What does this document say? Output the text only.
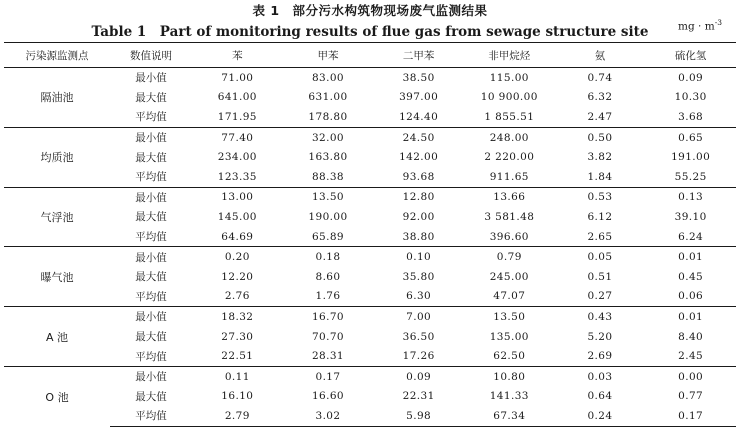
表 1　部分污水构筑物现场废气监测结果
Table 1　Part of monitoring results of flue gas from sewage structure site	mg · $m^{-3}$
污染源监测点	数值说明	苯	甲苯	二甲苯	非甲烷烃	氨	硫化氢
隔油池	最小值	71.00	83.00	38.50	115.00	0.74	0.09
	最大值	641.00	631.00	397.00	10 900.00	6.32	10.30
	平均值	171.95	178.80	124.40	1 855.51	2.47	3.68
均质池	最小值	77.40	32.00	24.50	248.00	0.50	0.65
	最大值	234.00	163.80	142.00	2 220.00	3.82	191.00
	平均值	123.35	88.38	93.68	911.65	1.84	55.25
气浮池	最小值	13.00	13.50	12.80	13.66	0.53	0.13
	最大值	145.00	190.00	92.00	3 581.48	6.12	39.10
	平均值	64.69	65.89	38.80	396.60	2.65	6.24
曝气池	最小值	0.20	0.18	0.10	0.79	0.05	0.01
	最大值	12.20	8.60	35.80	245.00	0.51	0.45
	平均值	2.76	1.76	6.30	47.07	0.27	0.06
A 池	最小值	18.32	16.70	7.00	13.50	0.43	0.01
	最大值	27.30	70.70	36.50	135.00	5.20	8.40
	平均值	22.51	28.31	17.26	62.50	2.69	2.45
O 池	最小值	0.11	0.17	0.09	10.80	0.03	0.00
	最大值	16.10	16.60	22.31	141.33	0.64	0.77
	平均值	2.79	3.02	5.98	67.34	0.24	0.17
